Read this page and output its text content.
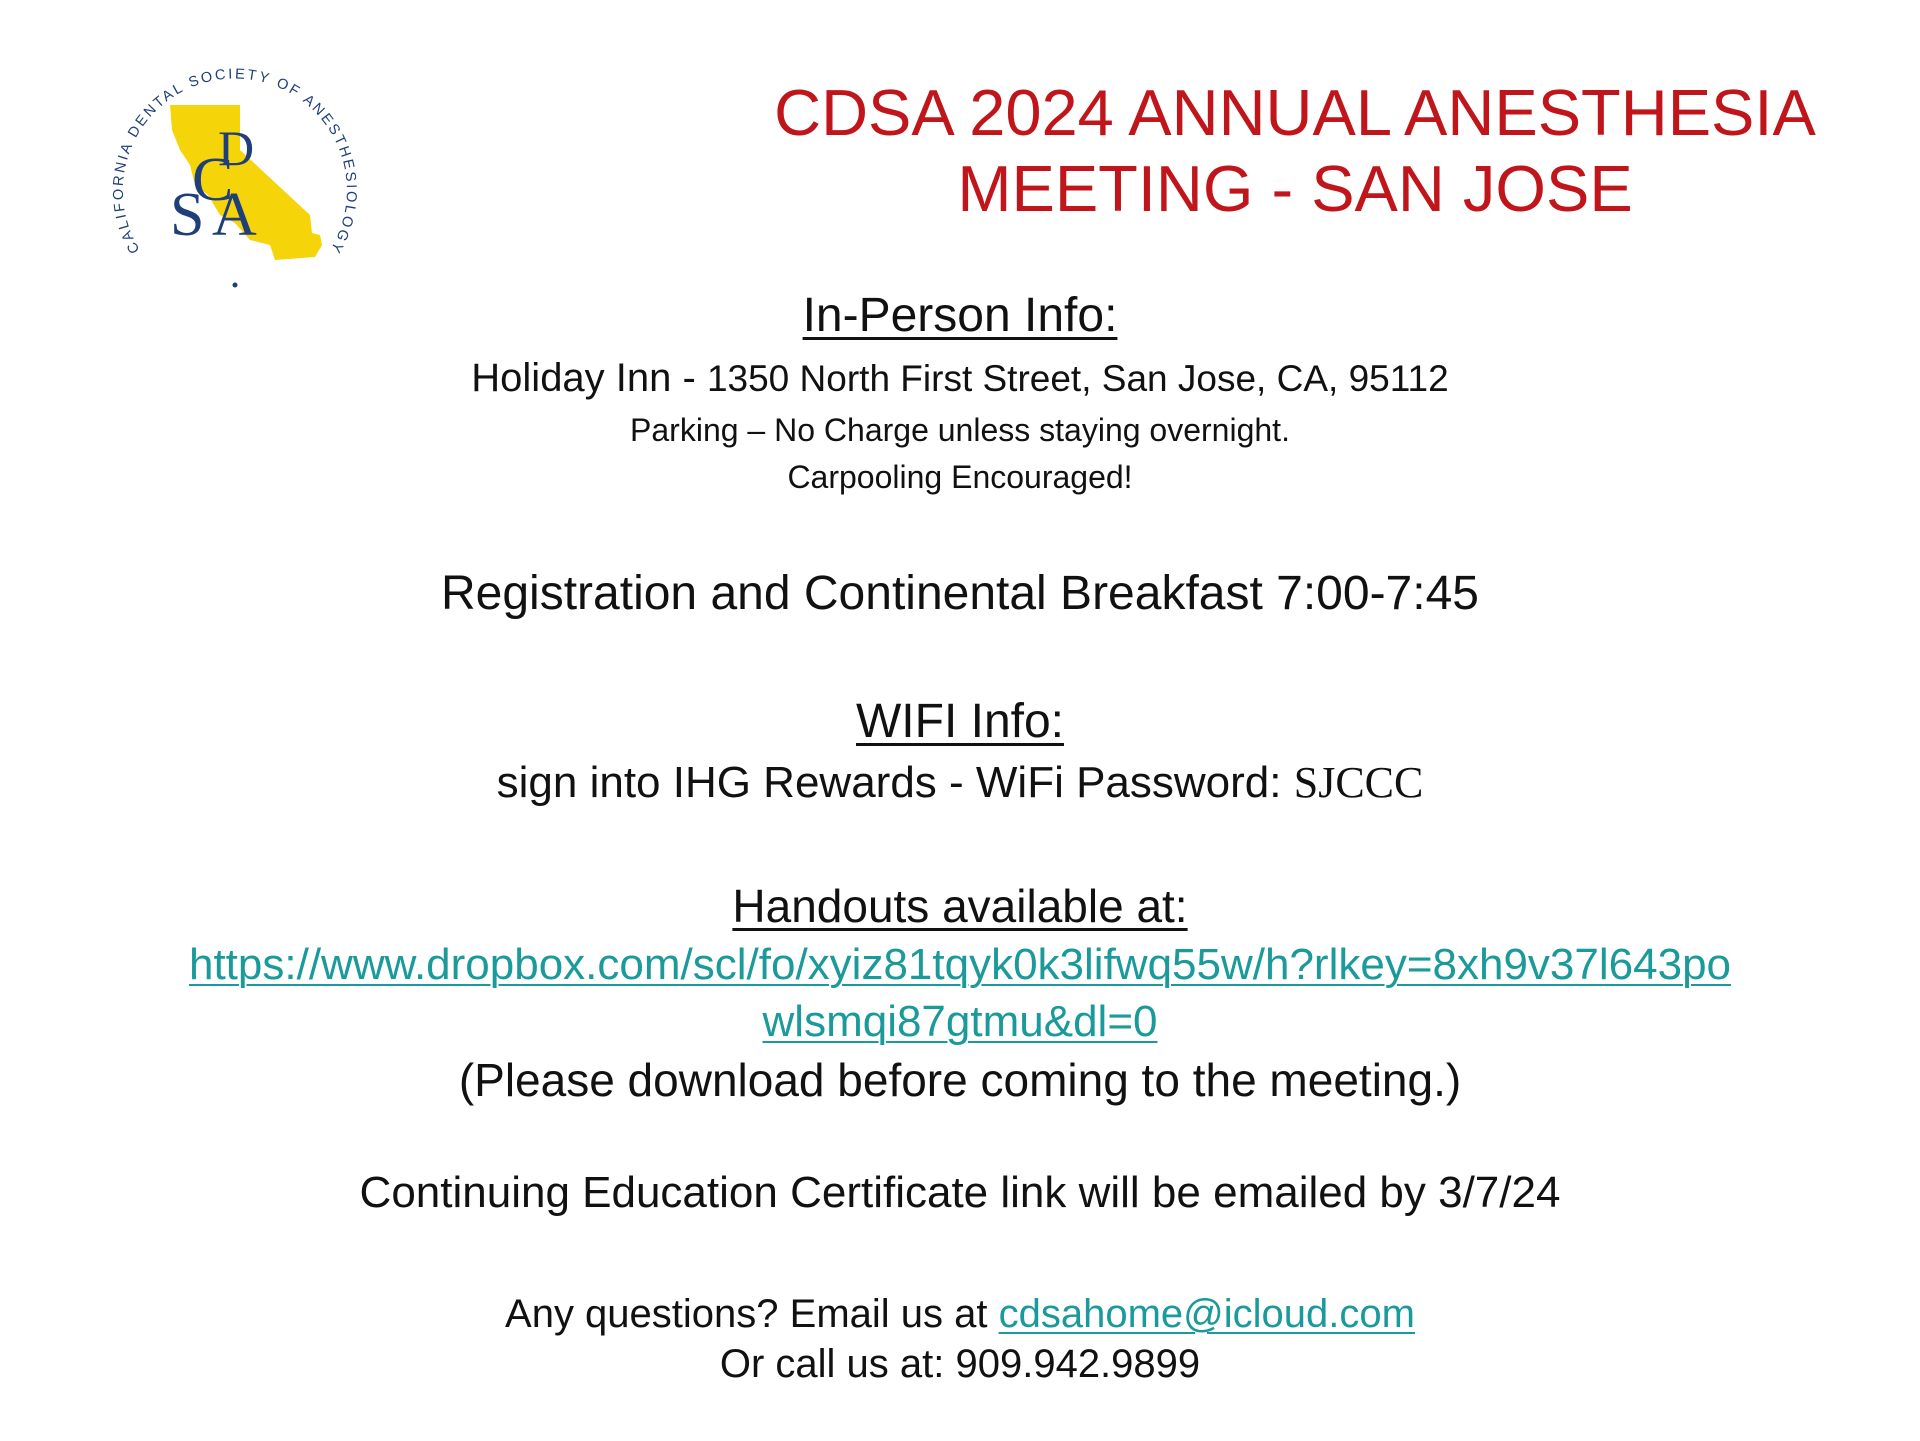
CALIFORNIA DENTAL SOCIETY OF ANESTHESIOLOGY
C
D
S A
CDSA 2024 ANNUAL ANESTHESIA
MEETING - SAN JOSE
In-Person Info:
Holiday Inn - 1350 North First Street, San Jose, CA, 95112
Parking – No Charge unless staying overnight.
Carpooling Encouraged!
Registration and Continental Breakfast 7:00-7:45
WIFI Info:
sign into IHG Rewards - WiFi Password: SJCCC
Handouts available at:
https://www.dropbox.com/scl/fo/xyiz81tqyk0k3lifwq55w/h?rlkey=8xh9v37l643po
wlsmqi87gtmu&dl=0
(Please download before coming to the meeting.)
Continuing Education Certificate link will be emailed by 3/7/24
Any questions? Email us at cdsahome@icloud.com
Or call us at: 909.942.9899
